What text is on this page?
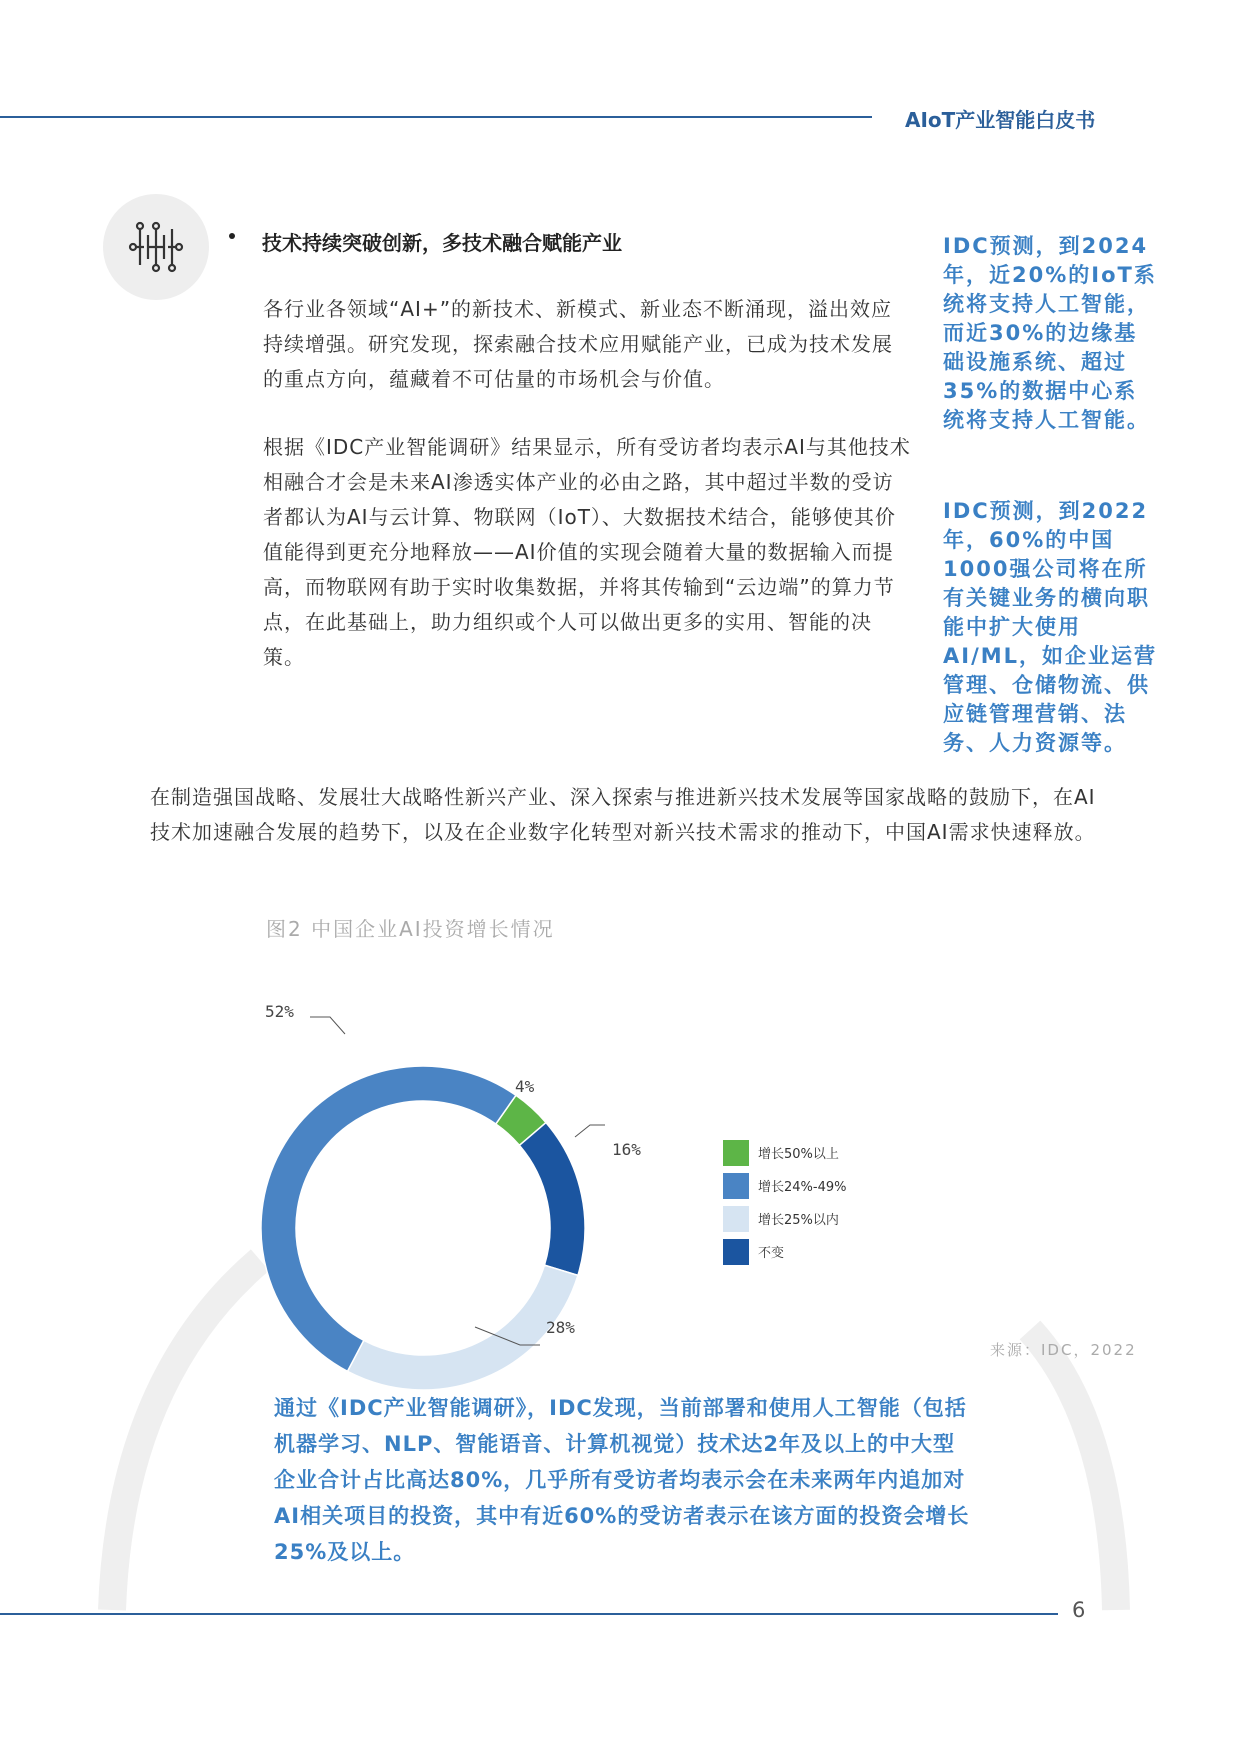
AIoT产业智能白皮书
技术持续突破创新，多技术融合赋能产业

各行业各领域“AI+”的新技术、新模式、新业态不断涌现，溢出效应持续增强。研究发现，探索融合技术应用赋能产业，已成为技术发展的重点方向，蕴藏着不可估量的市场机会与价值。

根据《IDC产业智能调研》结果显示，所有受访者均表示AI与其他技术相融合才会是未来AI渗透实体产业的必由之路，其中超过半数的受访者都认为AI与云计算、物联网（IoT）、大数据技术结合，能够使其价值能得到更充分地释放——AI价值的实现会随着大量的数据输入而提高，而物联网有助于实时收集数据，并将其传输到“云边端”的算力节点，在此基础上，助力组织或个人可以做出更多的实用、智能的决策。

IDC预测，到2024年，近20%的IoT系统将支持人工智能，而近30%的边缘基础设施系统、超过35%的数据中心系统将支持人工智能。

IDC预测，到2022年，60%的中国1000强公司将在所有关键业务的横向职能中扩大使用AI/ML，如企业运营管理、仓储物流、供应链管理营销、法务、人力资源等。

在制造强国战略、发展壮大战略性新兴产业、深入探索与推进新兴技术发展等国家战略的鼓励下，在AI技术加速融合发展的趋势下，以及在企业数字化转型对新兴技术需求的推动下，中国AI需求快速释放。

图2 中国企业AI投资增长情况
52%
4%
16%
28%
增长50%以上
增长24%-49%
增长25%以内
不变
来源：IDC，2022

通过《IDC产业智能调研》，IDC发现，当前部署和使用人工智能（包括机器学习、NLP、智能语音、计算机视觉）技术达2年及以上的中大型企业合计占比高达80%，几乎所有受访者均表示会在未来两年内追加对AI相关项目的投资，其中有近60%的受访者表示在该方面的投资会增长25%及以上。

6
